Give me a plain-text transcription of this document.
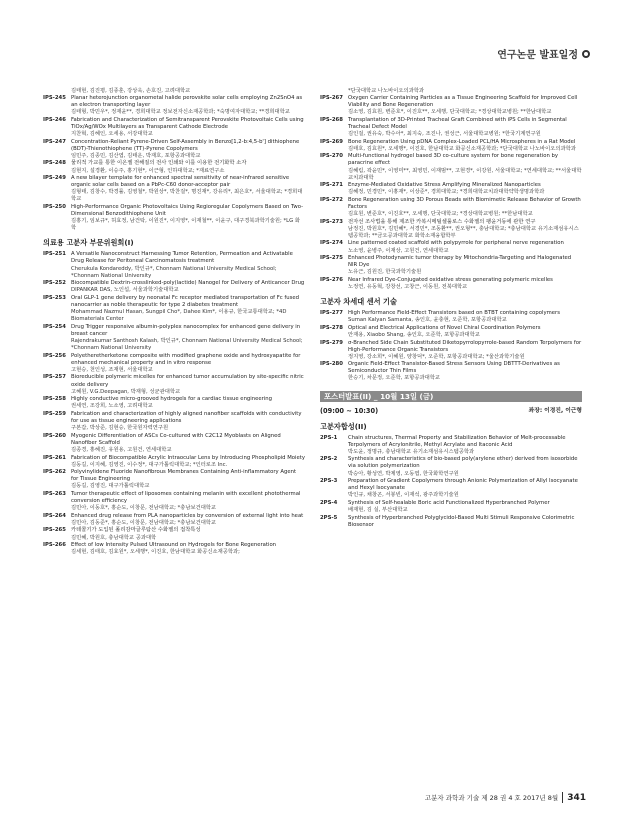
연구논문 발표일정
김태현, 김진평, 김종훈, 강상욱, 손호진, 고려대학교
IPS-245 Planar heterojunction organometal halide perovskite solar cells employing Zn2SnO4 as an electron transporting layer
김태형, 박민우*, 정재윤**, 경희대학교 정보전자신소재공학과; *숙명여자대학교; **경희대학교
IPS-246 Fabrication and Characterization of Semitransparent Perovskite Photovoltaic Cells using TiOx/Ag/WOx Multilayers as Transparent Cathode Electrode
지찬혁, 김혜인, 오세용, 서강대학교
IPS-247 Concentration-Reliant Pyrene-Driven Self-Assembly in Benzo[1,2-b:4,5-b'] dithiophene (BDT)-Thienothiophene (TT)-Pyrene Copolymers
임민주, 김종민, 김산엽, 김태운, 박재호, 포항공과대학교
IPS-248 물리적 가교를 통한 이온젤 전해질의 전사 인쇄와 이를 이용한 전기화학 소자
김현지, 설경환, 이승주, 홍기현*, 이근형, 인하대학교; *재료연구소
IPS-249 A new bilayer template for enhanced spectral sensitivity of near-infrared sensitive organic solar cells based on a PbPc-C60 donor-acceptor pair
김형태, 김창수, 박경률, 김영철*, 박원상*, 박찬걸*, 명진재*, 강유리*, 최은호*, 서울대학교; *경희대학교
IPS-250 High-Performance Organic Photovoltaics Using Regioregular Copolymers Based on Two-Dimensional Benzodithiophene Unit
김홍기, 임보규*, 허효정, 남건탁, 이원진*, 이지영*, 이재철**, 이윤구, 대구경북과학기술원; *LG 화학
의료용 고분자 부문위원회(I)
IPS-251 A Versatile Nanoconstruct Harnessing Tumor Retention, Permeation and Activatable Drug Release for Peritoneal Carcinomatosis treatment
Cherukula Kondareddy, 박인규*, Chonnam National University Medical School; *Chonnam National University
IPS-252 Biocompatible Dextrin-crosslinked-poly(lactide) Nanogel for Delivery of Anticancer Drug
DIPANKAR DAS, 노인섭, 서울과학기술대학교
IPS-253 Oral GLP-1 gene delivery by neonatal Fc receptor mediated transportation of Fc fused nanocarrier as noble therapeutic for type 2 diabetes treatment
Mohammad Nazmul Hasan, Sungpil Cho*, Dahee Kim*, 이용규, 한국교통대학교; *4D Biomaterials Center
IPS-254 Drug Trigger responsive albumin-polyplex nanocomplex for enhanced gene delivery in breast cancer
Rajendrakumar Santhosh Kalash, 박인규*, Chonnam National University Medical School; *Chonnam National University
IPS-256 Polyetheretherketone composite with modified graphene oxide and hydroxyapatite for enhanced mechanical property and in vitro response
고현승, 천인성, 조재현, 서울대학교
IPS-257 Bioreducible polymeric micelles for enhanced tumor accumulation by site-specific nitric oxide delivery
고혜원, V.G.Deepagan, 박재형, 성균관대학교
IPS-258 Highly conductive micro-grooved hydrogels for a cardiac tissue engineering
권세연, 조강희, 노소영, 고려대학교
IPS-259 Fabrication and characterization of highly aligned nanofiber scaffolds with conductivity for use as tissue engineering applications
구본갑, 박상준, 김현승, 한국원자력연구원
IPS-260 Myogenic Differentiation of ASCs Co-cultured with C2C12 Myoblasts on Aligned Nanofiber Scaffold
김종경, 홍혜진, 유원용, 고원건, 연세대학교
IPS-261 Fabrication of Biocompatible Acrylic Intraocular Lens by Introducing Phospholipid Moiety
김동길, 이지혜, 김영진, 이수정*, 대구가톨릭대학교; *인터로조 Inc.
IPS-262 Polyvinylidene Fluoride Nanofibrous Membranes Containing Anti-inflammatory Agent for Tissue Engineering
김동길, 김영진, 대구가톨릭대학교
IPS-263 Tumor therapeutic effect of liposomes containing melanin with excellent photothermal conversion efficiency
김민아, 이동호*, 홍순도, 이창문, 전남대학교; *충남보건대학교
IPS-264 Enhanced drug release from PLA nanoparticles by conversion of external light into heat
김민아, 김동준*, 홍순도, 이창문, 전남대학교; *충남보건대학교
IPS-265 카테콜기가 도입된 폴리감마글루탐산 수화젤의 접착특성
김민혜, 박원호, 충남대학교 공과대학
IPS-266 Effect of low Intensity Pulsed Ultrasound on Hydrogels for Bone Regeneration
김세현, 김태호, 김효원*, 오세행*, 이진호, 한남대학교 화공신소재공학과;
*단국대학교 나노바이오의과학과
IPS-267 Oxygen Carrier Containing Particles as a Tissue Engineering Scaffold for Improved Cell Viability and Bone Regeneration
김소영, 김효원, 변준호*, 이진호**, 오세행, 단국대학교; *경상대학교병원; **한남대학교
IPS-268 Transplantation of 3D-Printed Tracheal Graft Combined with iPS Cells in Segmental Tracheal Defect Model
김인걸, 권유숙, 박수아*, 최지숙, 조진나, 권성근, 서울대학교병원; *한국기계연구원
IPS-269 Bone Regeneration Using pDNA Complex-Loaded PCL/HA Microspheres in a Rat Model
김태호, 김효원*, 오세행*, 이진호, 한남대학교 화공신소재공학과; *단국대학교 나노바이오의과학과
IPS-270 Multi-functional hydrogel based 3D co-culture system for bone regeneration by paracrine effect
김혜림, 곽윤민*, 이영미**, 최영민, 이재범**, 고현경*, 이강원, 서울대학교; *연세대학교; **서울대학교치과대학
IPS-271 Enzyme-Mediated Oxidative Stress Amplifying Mineralized Nanoparticles
김혜정, 민경민*, 이홍재*, 이상준*, 경희대학교; *경희대학교치과대학약학생명과학과
IPS-272 Bone Regeneration using 3D Porous Beads with Biomimetic Release Behavior of Growth Factors
김효원, 변준호*, 이진호**, 오세행, 단국대학교; *경상대학교병원; **한남대학교
IPS-273 전자선 조사법을 통해 제조한 카복시메틸셀룰로스 수화젤의 팽윤거동에 관한 연구
남정진, 박원호*, 김민혜*, 서경민*, 조동환**, 권오형**, 충남대학교; *충남대학교 유기소재섬유시스템공학과; **금오공과대학교 화학소재융합학부
IPS-274 Line patterned coated scaffold with polypyrrole for peripheral nerve regeneration
노소영, 윤병주, 이재상, 고원건, 연세대학교
IPS-275 Enhanced Photodynamic tumor therapy by Mitochondria-Targeting and Halogenated NIR Dye
노유근, 김원진, 한국과학기술원
IPS-276 Near Infrared Dye-Conjugated oxidative stress generating polymeric micelles
노정연, 유동혁, 강창선, 고창근, 이동원, 전북대학교
고분자 차세대 센서 기술
IPS-277 High Performance Field-Effect Transistors based on BTBT containing copolymers
Suman Kalyan Samanta, 송인호, 윤충현, 오준학, 포항공과대학교
IPS-278 Optical and Electrical Applications of Novel Chiral Coordination Polymers
안재용, Xiaobo Shang, 송인호, 오준학, 포항공과대학교
IPS-279 σ-Branched Side Chain Substituted Diketopyrrolopyrrole-based Random Terpolymers for High-Performance Organic Transistors
정지영, 강소희*, 이혜원, 양창덕*, 오준학, 포항공과대학교; *울산과학기술원
IPS-280 Organic Field-Effect Transistor-Based Stress Sensors Using DBTTT-Derivatives as Semiconductor Thin Films
한승기, 차문정, 오준학, 포항공과대학교
포스터발표(II) _ 10월 13일 (금)
(09:00 ~ 10:30)	좌장: 이경진, 이근형
고분자합성(II)
2PS-1	Chain structures, Thermal Property and Stabilization Behavior of Melt-processable Terpolymers of Acrylonitrile, Methyl Acrylate and Itaconic Acid
박도윤, 정명규, 충남대학교 유기소재섬유시스템공학과
2PS-2	Synthesis and characteristics of bio-based poly(arylene ether) derived from isosorbide via solution polymerization
박승아, 황성연, 박제영, 오동엽, 한국화학연구원
2PS-3	Preparation of Gradient Copolymers through Anionic Polymerization of Allyl Isocyanate and Hexyl Isocyanate
박인규, 채창곤, 서봉빈, 이재석, 광주과학기술원
2PS-4	Synthesis of Self-healable Boric acid Functionalized Hyperbranched Polymer
배재현, 김 실, 부산대학교
2PS-5	Synthesis of Hyperbranched Polyglycidol-Based Multi Stimuli Responsive Colorimetric Biosensor
고분자 과학과 기술
제 28 권 4 호 2017년 8월 341
